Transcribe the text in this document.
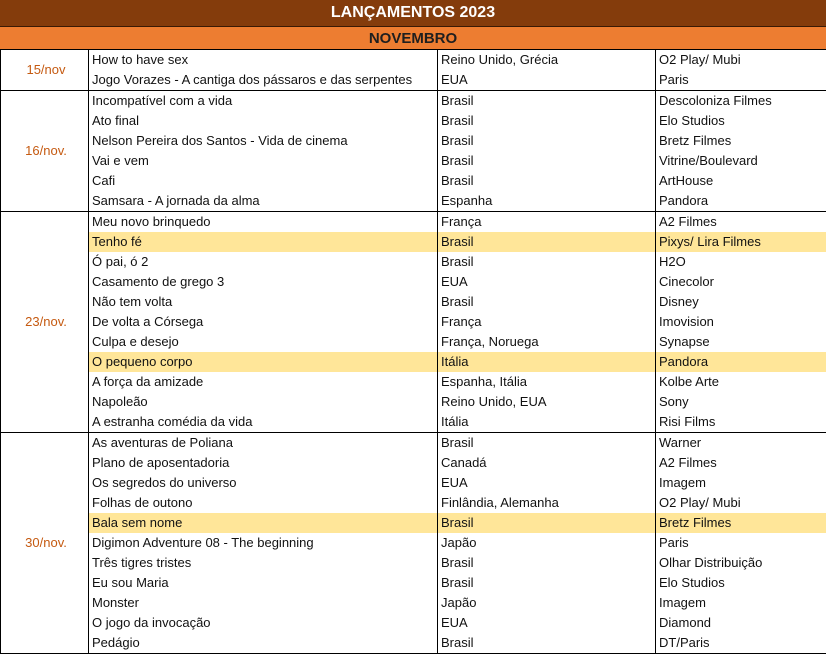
LANÇAMENTOS 2023
NOVEMBRO
15/nov	How to have sex	Reino Unido, Grécia	O2 Play/ Mubi
	Jogo Vorazes - A cantiga dos pássaros e das serpentes	EUA	Paris
16/nov.	Incompatível com a vida	Brasil	Descoloniza Filmes
	Ato final	Brasil	Elo Studios
	Nelson Pereira dos Santos - Vida de cinema	Brasil	Bretz Filmes
	Vai e vem	Brasil	Vitrine/Boulevard
	Cafi	Brasil	ArtHouse
	Samsara - A jornada da alma	Espanha	Pandora
23/nov.	Meu novo brinquedo	França	A2 Filmes
	Tenho fé	Brasil	Pixys/ Lira Filmes
	Ó pai, ó 2	Brasil	H2O
	Casamento de grego 3	EUA	Cinecolor
	Não tem volta	Brasil	Disney
	De volta a Córsega	França	Imovision
	Culpa e desejo	França, Noruega	Synapse
	O pequeno corpo	Itália	Pandora
	A força da amizade	Espanha, Itália	Kolbe Arte
	Napoleão	Reino Unido, EUA	Sony
	A estranha comédia da vida	Itália	Risi Films
30/nov.	As aventuras de Poliana	Brasil	Warner
	Plano de aposentadoria	Canadá	A2 Filmes
	Os segredos do universo	EUA	Imagem
	Folhas de outono	Finlândia, Alemanha	O2 Play/ Mubi
	Bala sem nome	Brasil	Bretz Filmes
	Digimon Adventure 08 - The beginning	Japão	Paris
	Três tigres tristes	Brasil	Olhar Distribuição
	Eu sou Maria	Brasil	Elo Studios
	Monster	Japão	Imagem
	O jogo da invocação	EUA	Diamond
	Pedágio	Brasil	DT/Paris
